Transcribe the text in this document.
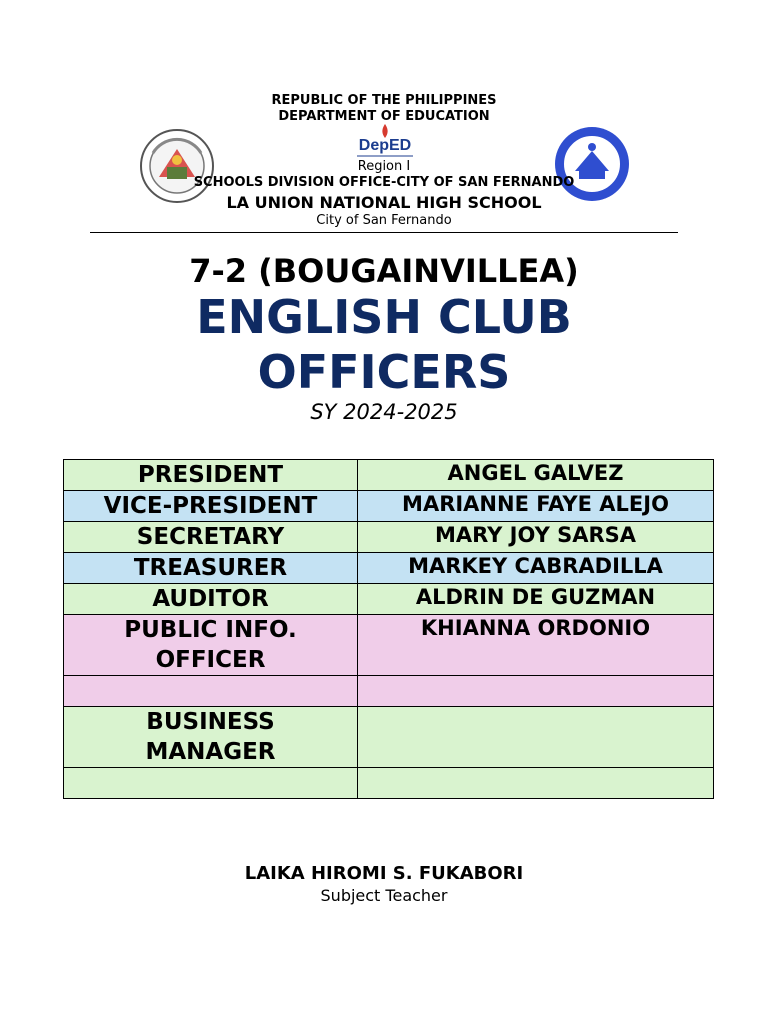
REPUBLIC OF THE PHILIPPINES
DEPARTMENT OF EDUCATION
DepED
Region I
SCHOOLS DIVISION OFFICE-CITY OF SAN FERNANDO
LA UNION NATIONAL HIGH SCHOOL
City of San Fernando
7-2 (BOUGAINVILLEA)
ENGLISH CLUB
OFFICERS
SY 2024-2025
PRESIDENT	ANGEL GALVEZ
VICE-PRESIDENT	MARIANNE FAYE ALEJO
SECRETARY	MARY JOY SARSA
TREASURER	MARKEY CABRADILLA
AUDITOR	ALDRIN DE GUZMAN

PUBLIC INFO.
OFFICER	KHIANNA ORDONIO

BUSINESS
MANAGER	

LAIKA HIROMI S. FUKABORI
Subject Teacher
